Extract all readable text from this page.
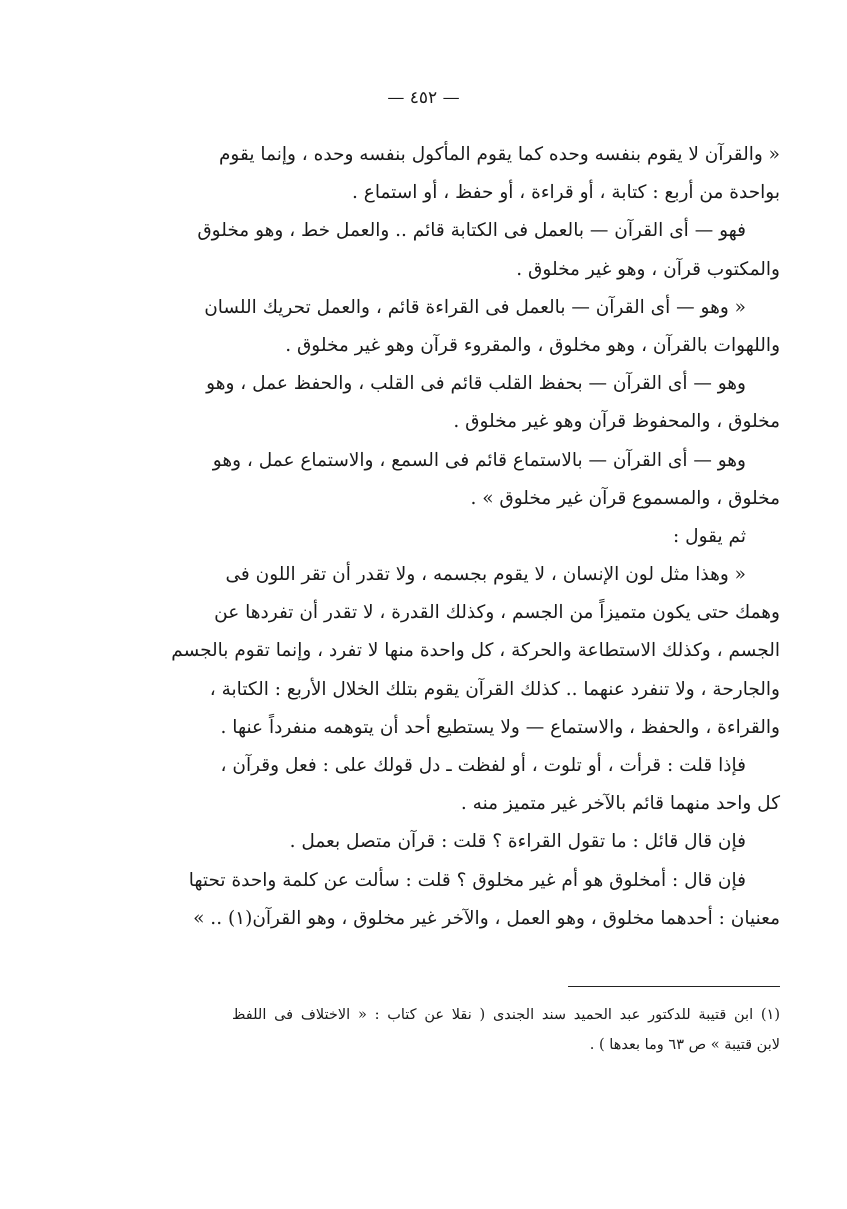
— ٤٥٢ —
« والقرآن لا يقوم بنفسه وحده كما يقوم المأكول بنفسه وحده ، وإنما يقوم
بواحدة من أربع : كتابة ، أو قراءة ، أو حفظ ، أو استماع .
فهو — أى القرآن — بالعمل فى الكتابة قائم .. والعمل خط ، وهو مخلوق
والمكتوب قرآن ، وهو غير مخلوق .
« وهو — أى القرآن — بالعمل فى القراءة قائم ، والعمل تحريك اللسان
واللهوات بالقرآن ، وهو مخلوق ، والمقروء قرآن وهو غير مخلوق .
وهو — أى القرآن — بحفظ القلب قائم فى القلب ، والحفظ عمل ، وهو
مخلوق ، والمحفوظ قرآن وهو غير مخلوق .
وهو — أى القرآن — بالاستماع قائم فى السمع ، والاستماع عمل ، وهو
مخلوق ، والمسموع قرآن غير مخلوق » .
ثم يقول :
« وهذا مثل لون الإنسان ، لا يقوم بجسمه ، ولا تقدر أن تقر اللون فى
وهمك حتى يكون متميزاً من الجسم ، وكذلك القدرة ، لا تقدر أن تفردها عن
الجسم ، وكذلك الاستطاعة والحركة ، كل واحدة منها لا تفرد ، وإنما تقوم بالجسم
والجارحة ، ولا تنفرد عنهما .. كذلك القرآن يقوم بتلك الخلال الأربع : الكتابة ،
والقراءة ، والحفظ ، والاستماع — ولا يستطيع أحد أن يتوهمه منفرداً عنها .
فإذا قلت : قرأت ، أو تلوت ، أو لفظت ـ دل قولك على : فعل وقرآن ،
كل واحد منهما قائم بالآخر غير متميز منه .
فإن قال قائل : ما تقول القراءة ؟ قلت : قرآن متصل بعمل .
فإن قال : أمخلوق هو أم غير مخلوق ؟ قلت : سألت عن كلمة واحدة تحتها
معنيان : أحدهما مخلوق ، وهو العمل ، والآخر غير مخلوق ، وهو القرآن(١) .. »
(١) ابن قتيبة للدكتور عبد الحميد سند الجندى ( نقلا عن كتاب : « الاختلاف فى اللفظ
لابن قتيبة » ص ٦٣ وما بعدها ) .
